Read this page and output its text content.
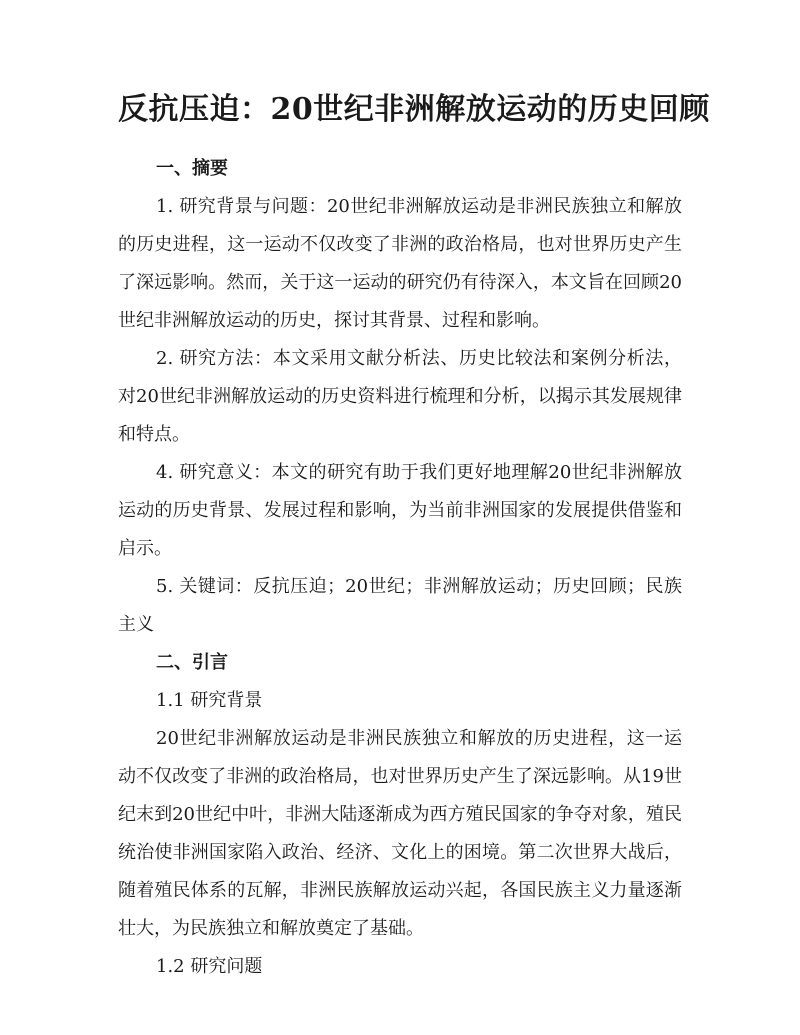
反抗压迫：20世纪非洲解放运动的历史回顾
一、摘要

1. 研究背景与问题：20世纪非洲解放运动是非洲民族独立和解放的历史进程，这一运动不仅改变了非洲的政治格局，也对世界历史产生了深远影响。然而，关于这一运动的研究仍有待深入，本文旨在回顾20世纪非洲解放运动的历史，探讨其背景、过程和影响。

2. 研究方法：本文采用文献分析法、历史比较法和案例分析法，对20世纪非洲解放运动的历史资料进行梳理和分析，以揭示其发展规律和特点。

4. 研究意义：本文的研究有助于我们更好地理解20世纪非洲解放运动的历史背景、发展过程和影响，为当前非洲国家的发展提供借鉴和启示。

5. 关键词：反抗压迫；20世纪；非洲解放运动；历史回顾；民族主义

二、引言

1.1 研究背景

20世纪非洲解放运动是非洲民族独立和解放的历史进程，这一运动不仅改变了非洲的政治格局，也对世界历史产生了深远影响。从19世纪末到20世纪中叶，非洲大陆逐渐成为西方殖民国家的争夺对象，殖民统治使非洲国家陷入政治、经济、文化上的困境。第二次世界大战后，随着殖民体系的瓦解，非洲民族解放运动兴起，各国民族主义力量逐渐壮大，为民族独立和解放奠定了基础。

1.2 研究问题
